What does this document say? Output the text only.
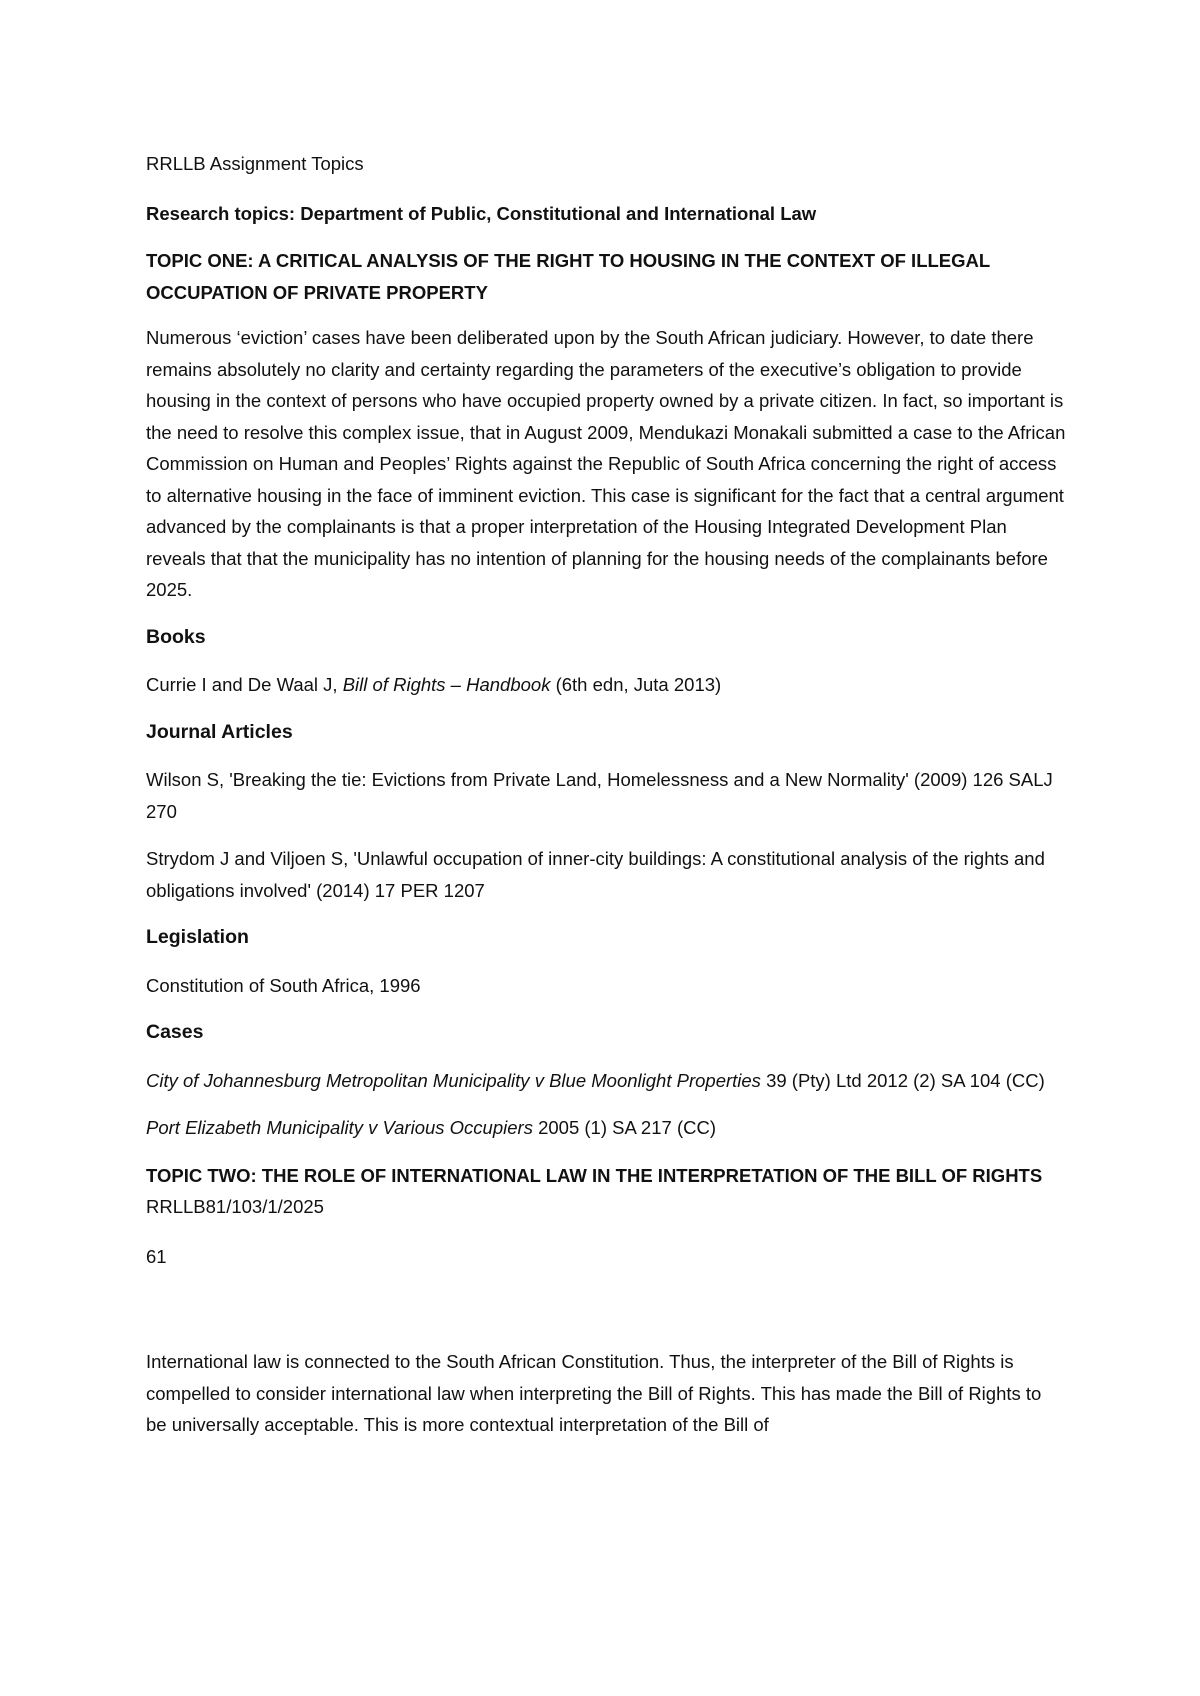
RRLLB Assignment Topics

Research topics: Department of Public, Constitutional and International Law

TOPIC ONE: A CRITICAL ANALYSIS OF THE RIGHT TO HOUSING IN THE CONTEXT OF ILLEGAL OCCUPATION OF PRIVATE PROPERTY

Numerous ‘eviction’ cases have been deliberated upon by the South African judiciary. However, to date there remains absolutely no clarity and certainty regarding the parameters of the executive’s obligation to provide housing in the context of persons who have occupied property owned by a private citizen. In fact, so important is the need to resolve this complex issue, that in August 2009, Mendukazi Monakali submitted a case to the African Commission on Human and Peoples’ Rights against the Republic of South Africa concerning the right of access to alternative housing in the face of imminent eviction. This case is significant for the fact that a central argument advanced by the complainants is that a proper interpretation of the Housing Integrated Development Plan reveals that that the municipality has no intention of planning for the housing needs of the complainants before 2025.

Books

Currie I and De Waal J, Bill of Rights – Handbook (6th edn, Juta 2013)

Journal Articles

Wilson S, 'Breaking the tie: Evictions from Private Land, Homelessness and a New Normality' (2009) 126 SALJ 270

Strydom J and Viljoen S, 'Unlawful occupation of inner-city buildings: A constitutional analysis of the rights and obligations involved' (2014) 17 PER 1207

Legislation

Constitution of South Africa, 1996

Cases

City of Johannesburg Metropolitan Municipality v Blue Moonlight Properties 39 (Pty) Ltd 2012 (2) SA 104 (CC)

Port Elizabeth Municipality v Various Occupiers 2005 (1) SA 217 (CC)

TOPIC TWO: THE ROLE OF INTERNATIONAL LAW IN THE INTERPRETATION OF THE BILL OF RIGHTS

RRLLB81/103/1/2025

61

International law is connected to the South African Constitution. Thus, the interpreter of the Bill of Rights is compelled to consider international law when interpreting the Bill of Rights. This has made the Bill of Rights to be universally acceptable. This is more contextual interpretation of the Bill of
